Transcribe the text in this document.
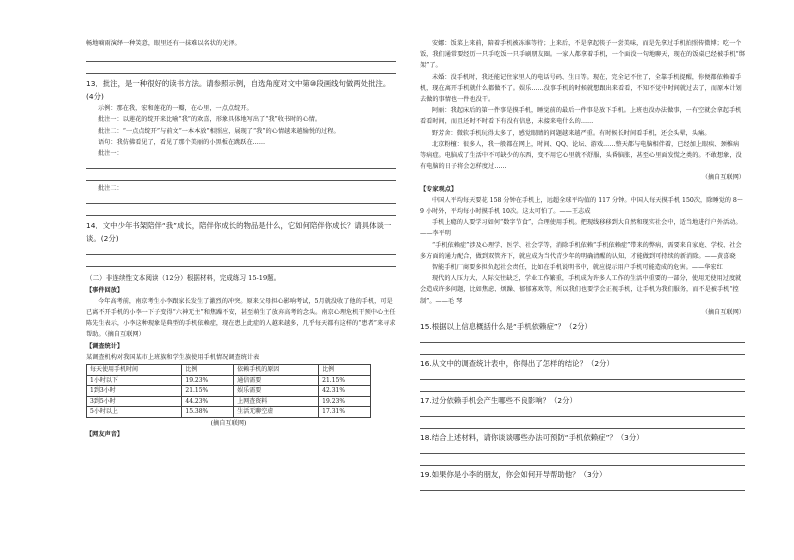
畅地嘀雨演绎一种笑意，眼里还有一抹难以名状的光泽。

13．批注，是一种很好的读书方法。请参照示例，自选角度对文中第⑩段画线句做两处批注。(4分)

示例：那在我，宏和莲花的一瓣，在心里，一点点绽开。

批注一：以莲花的绽开来比喻“我”的欢喜，形象具体地写出了“我”收书时的心情。

批注二：“一点点绽开”与前文“一本本放”相照应，展现了“我”的心情越来越愉悦的过程。

语句：我仿佛看见了，看见了那个美丽的小黑板在跳跃在……

批注一：

批注二：

14．文中少年书架陪伴“我”成长，陪伴你成长的物品是什么，它如何陪伴你成长？请具体谈一谈。(2分)

（二）非连续性文本阅读（12分）根据材料，完成练习 15-19题。

【事件回放】

今年高考前，南京考生小李跟家长发生了激烈的冲突。原来父母担心影响考试，5月就没收了他的手机，可是已离不开手机的小李一下子变得“六神无主”和焦躁不安，甚至萌生了放弃高考的念头。南京心理危机干预中心主任陈先生表示，小李这种现象是典型的手机依赖症，现在患上此症的人越来越多，几乎每天都有这样的“患者”来寻求帮助。（摘自互联网）

【调查统计】

某调查机构对我国某市上班族和学生族使用手机情况调查统计表

每天使用手机时间	比例	依赖手机的原因	比例
1小时以下	19.23%	通信需要	21.15%
1到3小时	21.15%	娱乐需要	42.31%
3到5小时	44.23%	上网查资料	19.23%
5小时以上	15.38%	生活无聊空虚	17.31%

(摘自互联网)

【网友声音】

安娜：饭菜上来前，陪着手机被冻谁等待；上来后，不是拿起筷子一尝美味，而是先拿过手机拍照传微博；吃一个饭，我们通常要经历一只手吃饭一只手刷朋友圈。一家人都拿着手机，一个面没一句地聊天，现在的饭桌已经被手机“绑架”了。

未婚：没手机时，我还能记住家里人的电话号码、生日等。现在，完全记不住了，全靠手机提醒，你便都依赖着手机，现在离开手机就什么都做不了。娱乐……没事手机的时候就想跟出来看看，不知不觉中时间就过去了，而原本计划去做的事情也一件也没干。

阿丽：我起床后的第一件事是摸手机，睡觉前的最后一件事是放下手机。上班也没办法做事，一有空就会拿起手机看看时间，而且还时不时看下有没有信息，未接来电什么的……

野芳舍：微软手机玩得太多了，感觉眼睛的问题越来越严重。有时候长时间看手机，还会头晕，头痛。

北京粉檀：很多人，我一般都在网上，时间、QQ、论坛、游戏……整天都与电脑相伴着，已经加上眼疾、颈椎病等病症。电脑成了生活中不可缺少的东西，变不用它心里就不舒服，头昏脑胀，甚至心里面发慌之类的。不敢想象，没有电脑的日子将会怎样度过……

（摘自互联网）

【专家观点】

中国人平均每天要花 158 分钟在手机上，远超全球平均值的 117 分钟。中国人每天摸手机 150次，除睡觉的 8～9 小时外，平均每小时摸手机 10次。这太可怕了。——王志成

手机上瘾的人要学习如何“数字节食”，合理使用手机。把现线移移到大自然和现实社会中，适当地进行户外活动。——李平明

“手机依赖症”涉及心理学、医学、社会学等，消除手机依赖“手机依赖症”带来的弊病，需要来自家庭、学校、社会多方面的通力配合，做到双管齐下，就应成为当代青少年的明确清醒的认知，才能做到可持续的新消除。——黄喜晓

智能手机厂商要多担负起社会责任，比如在手机说明书中，就应提示用户手机可能造成的危害。——华宏红

现代的人压力大，人际交往缺乏，学业工作繁重，手机成为许多人工作的生活中重要的一部分，使用无使用过度就会造成许多问题，比如焦虑、烦躁、郁郁寡欢等，所以我们也要学会正视手机，让手机为我们服务，而不是被手机“控制”。——毛 琴

（摘自互联网）

15.根据以上信息概括什么是“手机依赖症”？（2分）

16.从文中的调查统计表中，你得出了怎样的结论？（2分）

17.过分依赖手机会产生哪些不良影响？（2分）

18.结合上述材料，请你谈谈哪些办法可预防“手机依赖症”？（3分）

19.如果你是小李的朋友，你会如何开导帮助他？（3分）
